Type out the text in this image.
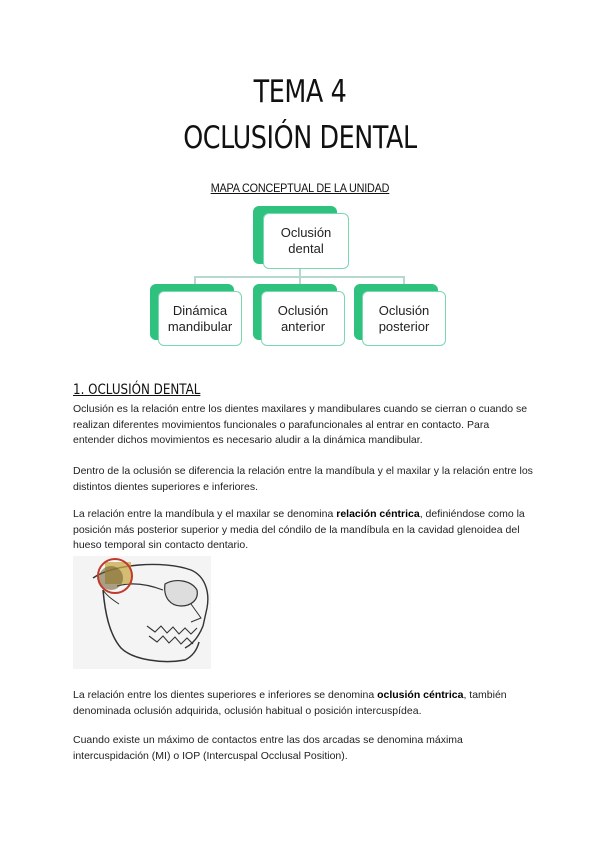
TEMA 4
OCLUSIÓN DENTAL
MAPA CONCEPTUAL DE LA UNIDAD
Oclusión
dental
Dinámica
mandibular
Oclusión
anterior
Oclusión
posterior
1. OCLUSIÓN DENTAL
Oclusión es la relación entre los dientes maxilares y mandibulares cuando se cierran o cuando se realizan diferentes movimientos funcionales o parafuncionales al entrar en contacto. Para entender dichos movimientos es necesario aludir a la dinámica mandibular.
Dentro de la oclusión se diferencia la relación entre la mandíbula y el maxilar y la relación entre los distintos dientes superiores e inferiores.
La relación entre la mandíbula y el maxilar se denomina relación céntrica, definiéndose como la posición más posterior superior y media del cóndilo de la mandíbula en la cavidad glenoidea del hueso temporal sin contacto dentario.
La relación entre los dientes superiores e inferiores se denomina oclusión céntrica, también denominada oclusión adquirida, oclusión habitual o posición intercuspídea.
Cuando existe un máximo de contactos entre las dos arcadas se denomina máxima intercuspidación (MI) o IOP (Intercuspal Occlusal Position).
